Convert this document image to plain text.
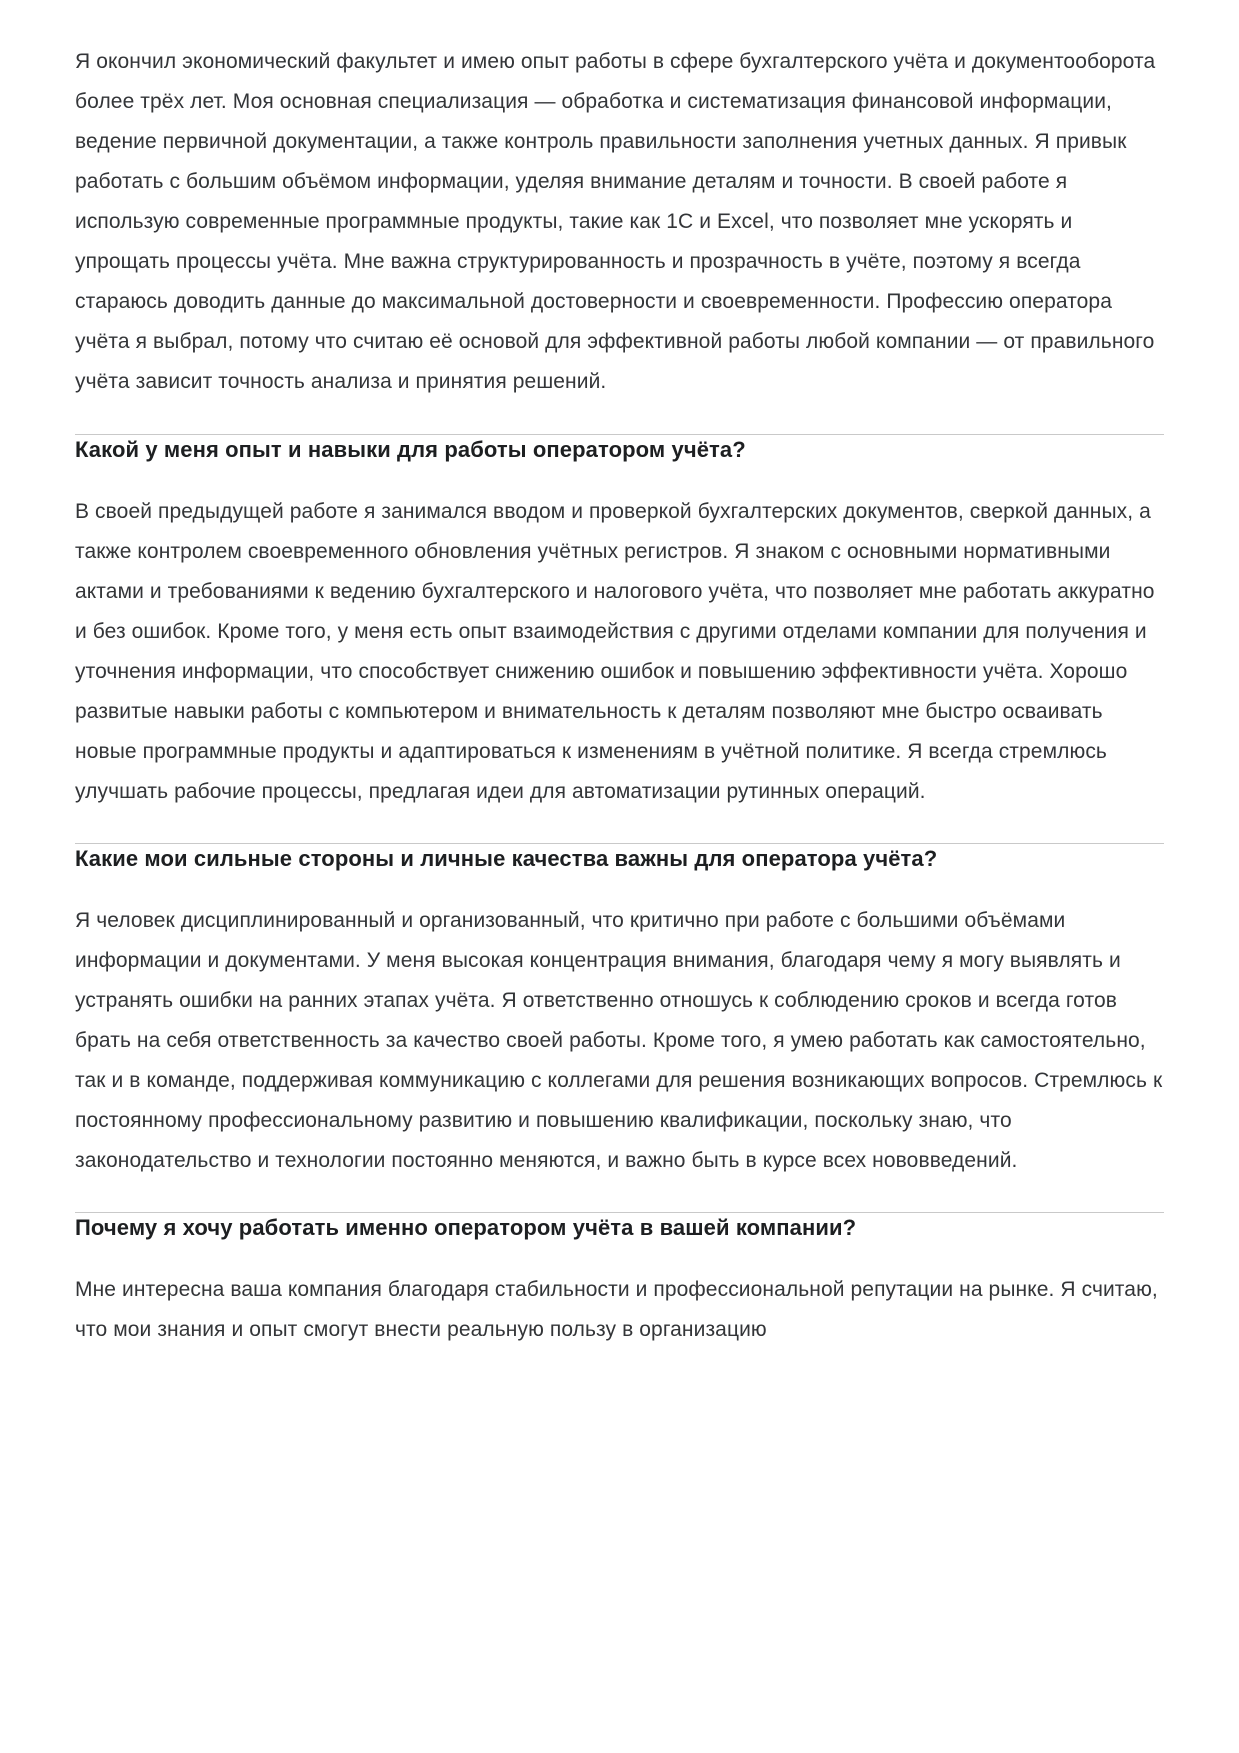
Я окончил экономический факультет и имею опыт работы в сфере бухгалтерского учёта и документооборота более трёх лет. Моя основная специализация — обработка и систематизация финансовой информации, ведение первичной документации, а также контроль правильности заполнения учетных данных. Я привык работать с большим объёмом информации, уделяя внимание деталям и точности. В своей работе я использую современные программные продукты, такие как 1С и Excel, что позволяет мне ускорять и упрощать процессы учёта. Мне важна структурированность и прозрачность в учёте, поэтому я всегда стараюсь доводить данные до максимальной достоверности и своевременности. Профессию оператора учёта я выбрал, потому что считаю её основой для эффективной работы любой компании — от правильного учёта зависит точность анализа и принятия решений.

Какой у меня опыт и навыки для работы оператором учёта?

В своей предыдущей работе я занимался вводом и проверкой бухгалтерских документов, сверкой данных, а также контролем своевременного обновления учётных регистров. Я знаком с основными нормативными актами и требованиями к ведению бухгалтерского и налогового учёта, что позволяет мне работать аккуратно и без ошибок. Кроме того, у меня есть опыт взаимодействия с другими отделами компании для получения и уточнения информации, что способствует снижению ошибок и повышению эффективности учёта. Хорошо развитые навыки работы с компьютером и внимательность к деталям позволяют мне быстро осваивать новые программные продукты и адаптироваться к изменениям в учётной политике. Я всегда стремлюсь улучшать рабочие процессы, предлагая идеи для автоматизации рутинных операций.

Какие мои сильные стороны и личные качества важны для оператора учёта?

Я человек дисциплинированный и организованный, что критично при работе с большими объёмами информации и документами. У меня высокая концентрация внимания, благодаря чему я могу выявлять и устранять ошибки на ранних этапах учёта. Я ответственно отношусь к соблюдению сроков и всегда готов брать на себя ответственность за качество своей работы. Кроме того, я умею работать как самостоятельно, так и в команде, поддерживая коммуникацию с коллегами для решения возникающих вопросов. Стремлюсь к постоянному профессиональному развитию и повышению квалификации, поскольку знаю, что законодательство и технологии постоянно меняются, и важно быть в курсе всех нововведений.

Почему я хочу работать именно оператором учёта в вашей компании?

Мне интересна ваша компания благодаря стабильности и профессиональной репутации на рынке. Я считаю, что мои знания и опыт смогут внести реальную пользу в организацию
